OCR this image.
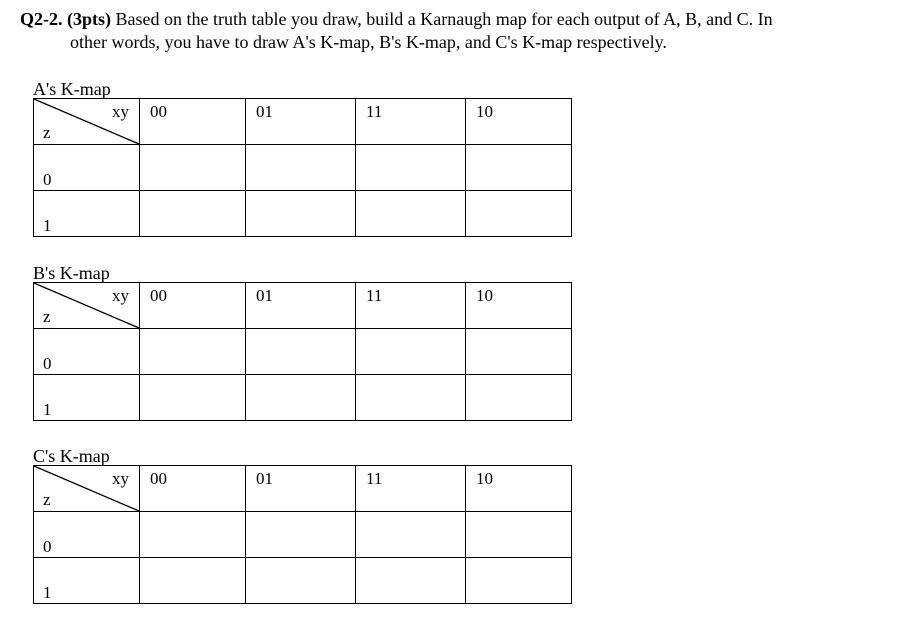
Q2-2. (3pts) Based on the truth table you draw, build a Karnaugh map for each output of A, B, and C. In
other words, you have to draw A's K-map, B's K-map, and C's K-map respectively.
A's K-map
xy
z	00	01	11	10

0				

1				

B's K-map
xy
z	00	01	11	10

0				

1				

C's K-map
xy
z	00	01	11	10

0				

1				
